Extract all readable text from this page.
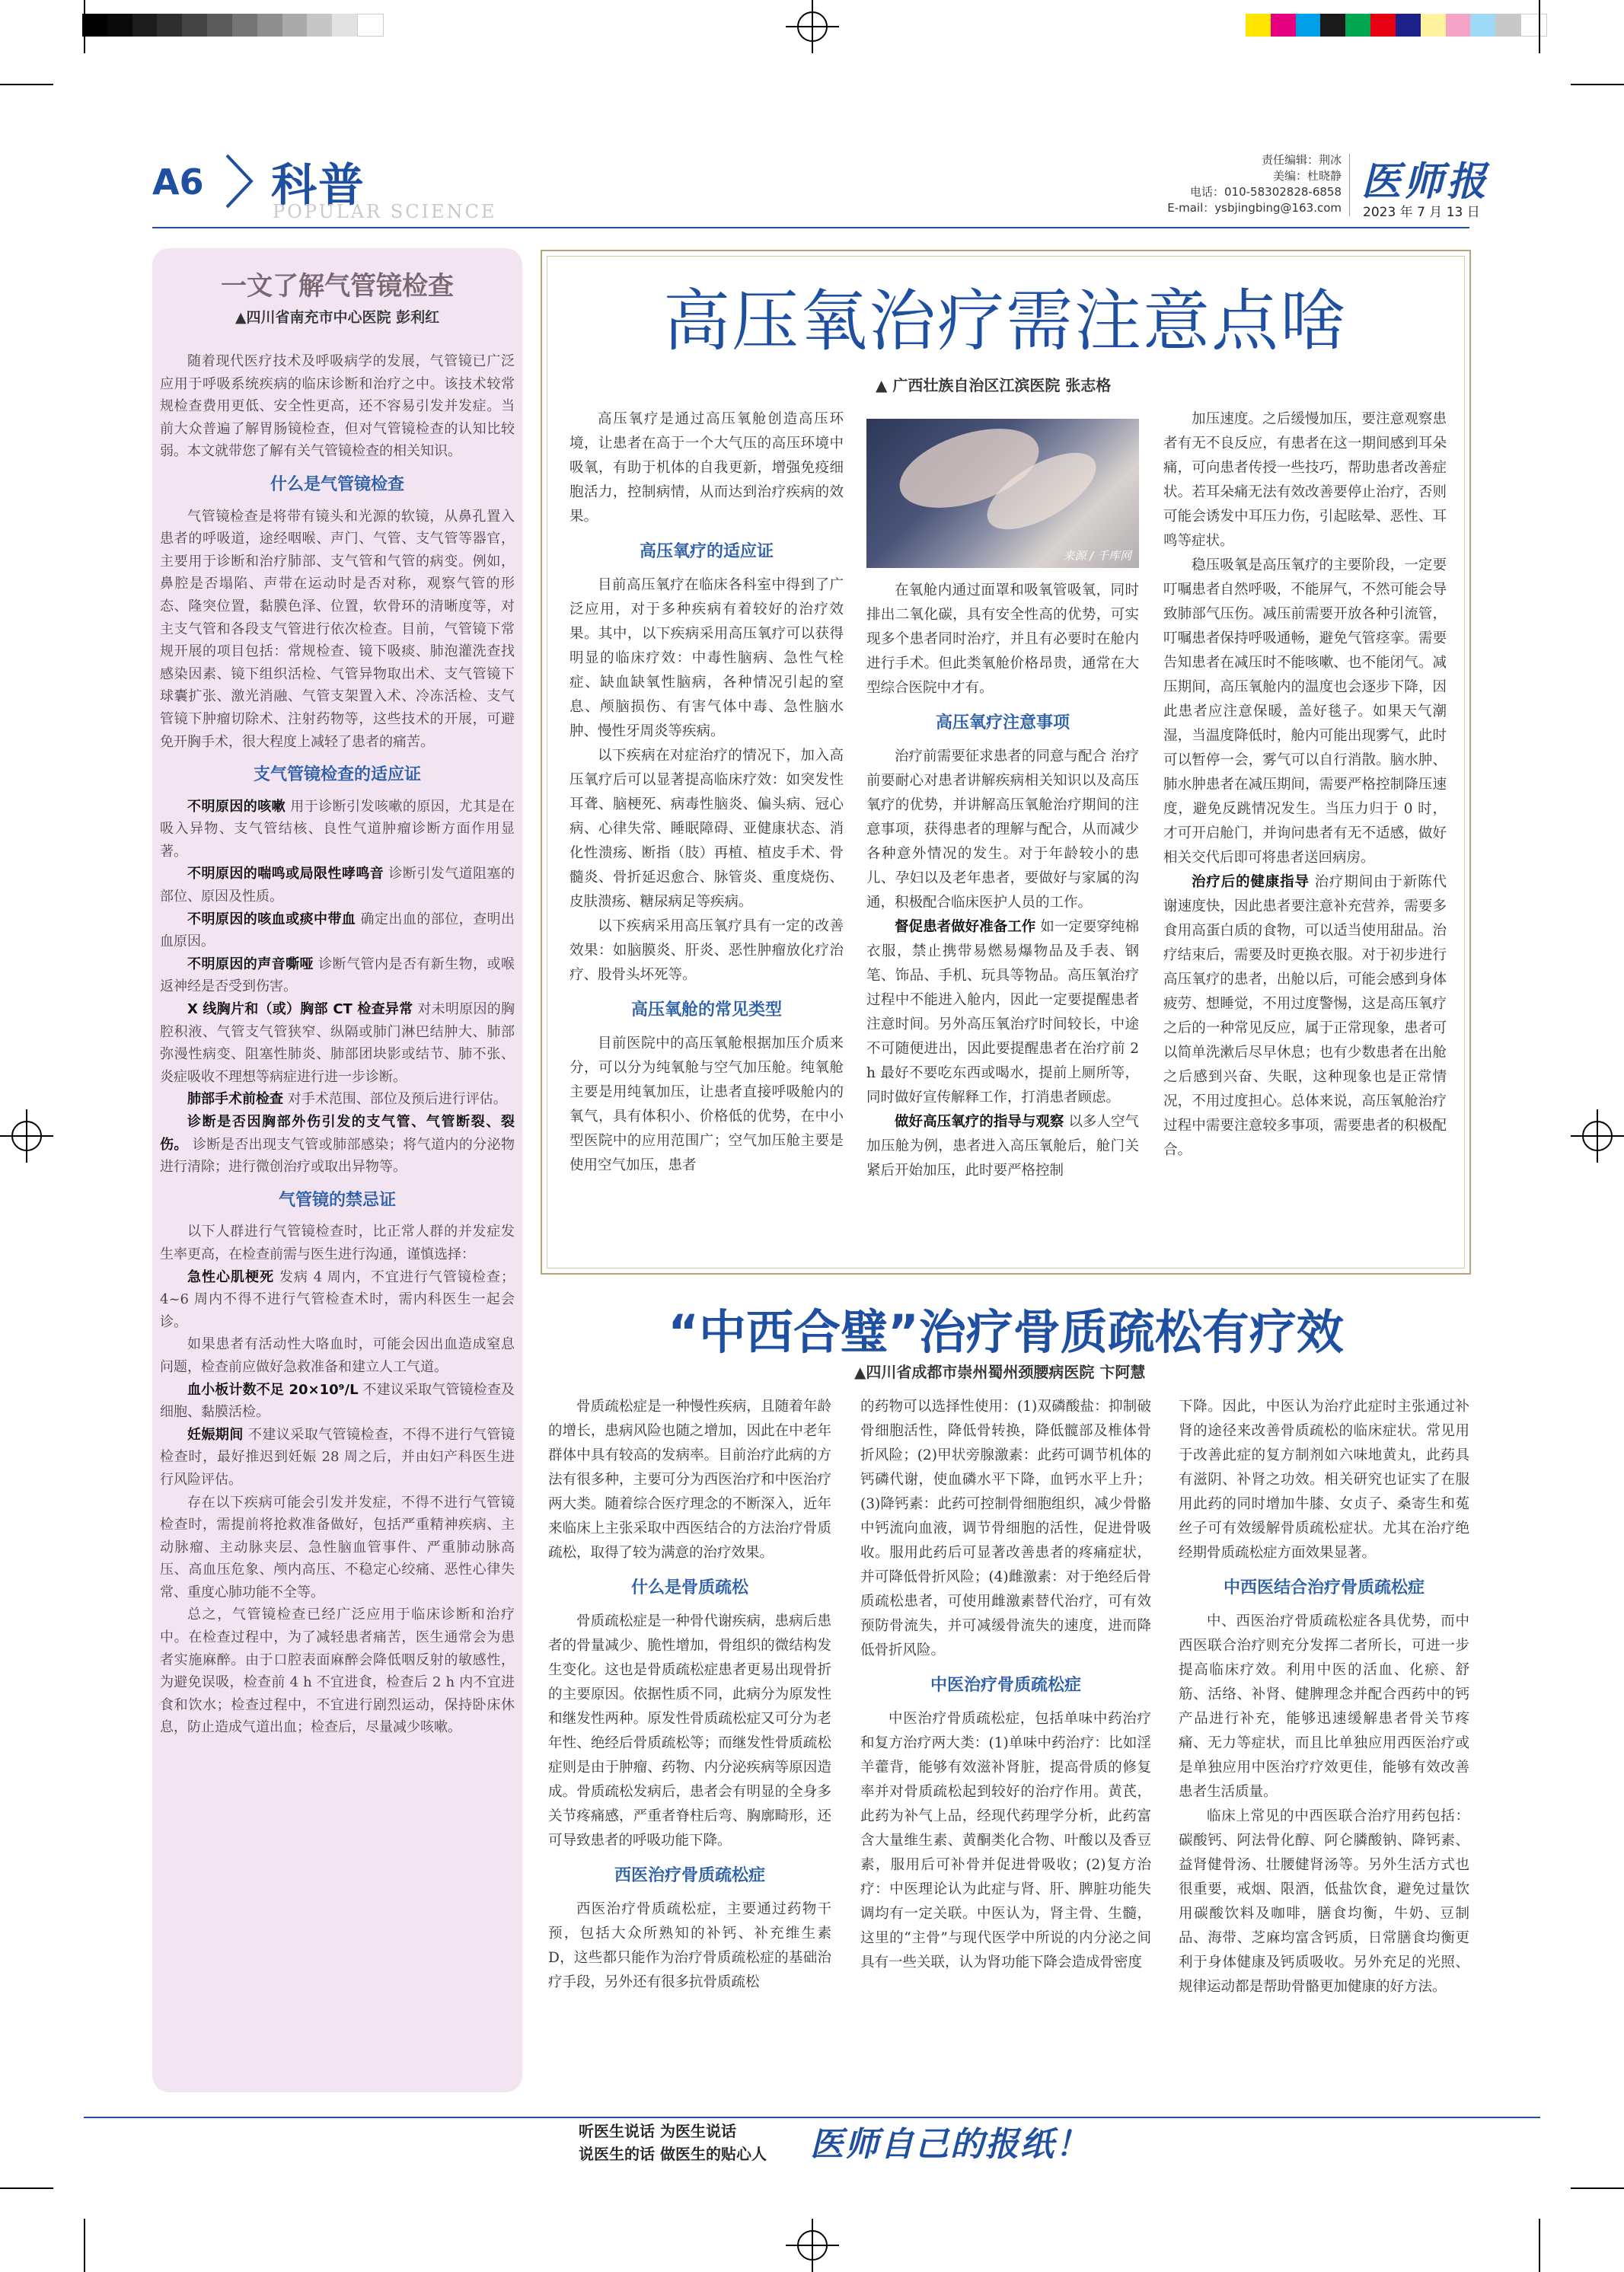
A6 科普
POPULAR SCIENCE
责任编辑：荆冰
美编：杜晓静
电话：010-58302828-6858
E-mail：ysbjingbing@163.com
医师报
2023 年 7 月 13 日
一文了解气管镜检查
▲四川省南充市中心医院 彭利红

随着现代医疗技术及呼吸病学的发展，气管镜已广泛应用于呼吸系统疾病的临床诊断和治疗之中。该技术较常规检查费用更低、安全性更高，还不容易引发并发症。当前大众普遍了解胃肠镜检查，但对气管镜检查的认知比较弱。本文就带您了解有关气管镜检查的相关知识。

什么是气管镜检查

气管镜检查是将带有镜头和光源的软镜，从鼻孔置入患者的呼吸道，途经咽喉、声门、气管、支气管等器官，主要用于诊断和治疗肺部、支气管和气管的病变。例如，鼻腔是否塌陷、声带在运动时是否对称，观察气管的形态、隆突位置，黏膜色泽、位置，软骨环的清晰度等，对主支气管和各段支气管进行依次检查。目前，气管镜下常规开展的项目包括：常规检查、镜下吸痰、肺泡灌洗查找感染因素、镜下组织活检、气管异物取出术、支气管镜下球囊扩张、激光消融、气管支架置入术、冷冻活检、支气管镜下肿瘤切除术、注射药物等，这些技术的开展，可避免开胸手术，很大程度上减轻了患者的痛苦。

支气管镜检查的适应证

不明原因的咳嗽 用于诊断引发咳嗽的原因，尤其是在吸入异物、支气管结核、良性气道肿瘤诊断方面作用显著。

不明原因的喘鸣或局限性哮鸣音 诊断引发气道阻塞的部位、原因及性质。

不明原因的咳血或痰中带血 确定出血的部位，查明出血原因。

不明原因的声音嘶哑 诊断气管内是否有新生物，或喉返神经是否受到伤害。

X 线胸片和（或）胸部 CT 检查异常 对未明原因的胸腔积液、气管支气管狭窄、纵隔或肺门淋巴结肿大、肺部弥漫性病变、阻塞性肺炎、肺部团块影或结节、肺不张、炎症吸收不理想等病症进行进一步诊断。

肺部手术前检查 对手术范围、部位及预后进行评估。

诊断是否因胸部外伤引发的支气管、气管断裂、裂伤。 诊断是否出现支气管或肺部感染；将气道内的分泌物进行清除；进行微创治疗或取出异物等。

气管镜的禁忌证

以下人群进行气管镜检查时，比正常人群的并发症发生率更高，在检查前需与医生进行沟通，谨慎选择：

急性心肌梗死 发病 4 周内，不宜进行气管镜检查；4~6 周内不得不进行气管检查术时，需内科医生一起会诊。

如果患者有活动性大咯血时，可能会因出血造成窒息问题，检查前应做好急救准备和建立人工气道。

血小板计数不足 20×10⁹/L 不建议采取气管镜检查及细胞、黏膜活检。

妊娠期间 不建议采取气管镜检查，不得不进行气管镜检查时，最好推迟到妊娠 28 周之后，并由妇产科医生进行风险评估。

存在以下疾病可能会引发并发症，不得不进行气管镜检查时，需提前将抢救准备做好，包括严重精神疾病、主动脉瘤、主动脉夹层、急性脑血管事件、严重肺动脉高压、高血压危象、颅内高压、不稳定心绞痛、恶性心律失常、重度心肺功能不全等。

总之，气管镜检查已经广泛应用于临床诊断和治疗中。在检查过程中，为了减轻患者痛苦，医生通常会为患者实施麻醉。由于口腔表面麻醉会降低咽反射的敏感性，为避免误吸，检查前 4 h 不宜进食，检查后 2 h 内不宜进食和饮水；检查过程中，不宜进行剧烈运动，保持卧床休息，防止造成气道出血；检查后，尽量减少咳嗽。

高压氧治疗需注意点啥
▲ 广西壮族自治区江滨医院 张志格

高压氧疗是通过高压氧舱创造高压环境，让患者在高于一个大气压的高压环境中吸氧，有助于机体的自我更新，增强免疫细胞活力，控制病情，从而达到治疗疾病的效果。

高压氧疗的适应证

目前高压氧疗在临床各科室中得到了广泛应用，对于多种疾病有着较好的治疗效果。其中，以下疾病采用高压氧疗可以获得明显的临床疗效：中毒性脑病、急性气栓症、缺血缺氧性脑病，各种情况引起的窒息、颅脑损伤、有害气体中毒、急性脑水肿、慢性牙周炎等疾病。

以下疾病在对症治疗的情况下，加入高压氧疗后可以显著提高临床疗效：如突发性耳聋、脑梗死、病毒性脑炎、偏头病、冠心病、心律失常、睡眠障碍、亚健康状态、消化性溃疡、断指（肢）再植、植皮手术、骨髓炎、骨折延迟愈合、脉管炎、重度烧伤、皮肤溃疡、糖尿病足等疾病。

以下疾病采用高压氧疗具有一定的改善效果：如脑膜炎、肝炎、恶性肿瘤放化疗治疗、股骨头坏死等。

高压氧舱的常见类型

目前医院中的高压氧舱根据加压介质来分，可以分为纯氧舱与空气加压舱。纯氧舱主要是用纯氧加压，让患者直接呼吸舱内的氧气，具有体积小、价格低的优势，在中小型医院中的应用范围广；空气加压舱主要是使用空气加压，患者

来源 / 千库网

在氧舱内通过面罩和吸氧管吸氧，同时排出二氧化碳，具有安全性高的优势，可实现多个患者同时治疗，并且有必要时在舱内进行手术。但此类氧舱价格昂贵，通常在大型综合医院中才有。

高压氧疗注意事项

治疗前需要征求患者的同意与配合 治疗前要耐心对患者讲解疾病相关知识以及高压氧疗的优势，并讲解高压氧舱治疗期间的注意事项，获得患者的理解与配合，从而减少各种意外情况的发生。对于年龄较小的患儿、孕妇以及老年患者，要做好与家属的沟通，积极配合临床医护人员的工作。

督促患者做好准备工作 如一定要穿纯棉衣服，禁止携带易燃易爆物品及手表、钢笔、饰品、手机、玩具等物品。高压氧治疗过程中不能进入舱内，因此一定要提醒患者注意时间。另外高压氧治疗时间较长，中途不可随便进出，因此要提醒患者在治疗前 2 h 最好不要吃东西或喝水，提前上厕所等，同时做好宣传解释工作，打消患者顾虑。

做好高压氧疗的指导与观察 以多人空气加压舱为例，患者进入高压氧舱后，舱门关紧后开始加压，此时要严格控制

加压速度。之后缓慢加压，要注意观察患者有无不良反应，有患者在这一期间感到耳朵痛，可向患者传授一些技巧，帮助患者改善症状。若耳朵痛无法有效改善要停止治疗，否则可能会诱发中耳压力伤，引起眩晕、恶性、耳鸣等症状。

稳压吸氧是高压氧疗的主要阶段，一定要叮嘱患者自然呼吸，不能屏气，不然可能会导致肺部气压伤。减压前需要开放各种引流管，叮嘱患者保持呼吸通畅，避免气管痉挛。需要告知患者在减压时不能咳嗽、也不能闭气。减压期间，高压氧舱内的温度也会逐步下降，因此患者应注意保暖，盖好毯子。如果天气潮湿，当温度降低时，舱内可能出现雾气，此时可以暂停一会，雾气可以自行消散。脑水肿、肺水肿患者在减压期间，需要严格控制降压速度，避免反跳情况发生。当压力归于 0 时，才可开启舱门，并询问患者有无不适感，做好相关交代后即可将患者送回病房。

治疗后的健康指导 治疗期间由于新陈代谢速度快，因此患者要注意补充营养，需要多食用高蛋白质的食物，可以适当使用甜品。治疗结束后，需要及时更换衣服。对于初步进行高压氧疗的患者，出舱以后，可能会感到身体疲劳、想睡觉，不用过度警惕，这是高压氧疗之后的一种常见反应，属于正常现象，患者可以简单洗漱后尽早休息；也有少数患者在出舱之后感到兴奋、失眠，这种现象也是正常情况，不用过度担心。总体来说，高压氧舱治疗过程中需要注意较多事项，需要患者的积极配合。

“中西合璧”治疗骨质疏松有疗效
▲四川省成都市崇州蜀州颈腰病医院 卞阿慧

骨质疏松症是一种慢性疾病，且随着年龄的增长，患病风险也随之增加，因此在中老年群体中具有较高的发病率。目前治疗此病的方法有很多种，主要可分为西医治疗和中医治疗两大类。随着综合医疗理念的不断深入，近年来临床上主张采取中西医结合的方法治疗骨质疏松，取得了较为满意的治疗效果。

什么是骨质疏松

骨质疏松症是一种骨代谢疾病，患病后患者的骨量减少、脆性增加，骨组织的微结构发生变化。这也是骨质疏松症患者更易出现骨折的主要原因。依据性质不同，此病分为原发性和继发性两种。原发性骨质疏松症又可分为老年性、绝经后骨质疏松等；而继发性骨质疏松症则是由于肿瘤、药物、内分泌疾病等原因造成。骨质疏松发病后，患者会有明显的全身多关节疼痛感，严重者脊柱后弯、胸廓畸形，还可导致患者的呼吸功能下降。

西医治疗骨质疏松症

西医治疗骨质疏松症，主要通过药物干预，包括大众所熟知的补钙、补充维生素 D，这些都只能作为治疗骨质疏松症的基础治疗手段，另外还有很多抗骨质疏松

的药物可以选择性使用：(1)双磷酸盐：抑制破骨细胞活性，降低骨转换，降低髋部及椎体骨折风险；(2)甲状旁腺激素：此药可调节机体的钙磷代谢，使血磷水平下降，血钙水平上升；(3)降钙素：此药可控制骨细胞组织，减少骨骼中钙流向血液，调节骨细胞的活性，促进骨吸收。服用此药后可显著改善患者的疼痛症状，并可降低骨折风险；(4)雌激素：对于绝经后骨质疏松患者，可使用雌激素替代治疗，可有效预防骨流失，并可减缓骨流失的速度，进而降低骨折风险。

中医治疗骨质疏松症

中医治疗骨质疏松症，包括单味中药治疗和复方治疗两大类：(1)单味中药治疗：比如淫羊藿背，能够有效滋补肾脏，提高骨质的修复率并对骨质疏松起到较好的治疗作用。黄芪，此药为补气上品，经现代药理学分析，此药富含大量维生素、黄酮类化合物、叶酸以及香豆素，服用后可补骨并促进骨吸收；(2)复方治疗：中医理论认为此症与肾、肝、脾脏功能失调均有一定关联。中医认为，肾主骨、生髓，这里的“主骨”与现代医学中所说的内分泌之间具有一些关联，认为肾功能下降会造成骨密度

下降。因此，中医认为治疗此症时主张通过补肾的途径来改善骨质疏松的临床症状。常见用于改善此症的复方制剂如六味地黄丸，此药具有滋阴、补肾之功效。相关研究也证实了在服用此药的同时增加牛膝、女贞子、桑寄生和菟丝子可有效缓解骨质疏松症状。尤其在治疗绝经期骨质疏松症方面效果显著。

中西医结合治疗骨质疏松症

中、西医治疗骨质疏松症各具优势，而中西医联合治疗则充分发挥二者所长，可进一步提高临床疗效。利用中医的活血、化瘀、舒筋、活络、补肾、健脾理念并配合西药中的钙产品进行补充，能够迅速缓解患者骨关节疼痛、无力等症状，而且比单独应用西医治疗或是单独应用中医治疗疗效更佳，能够有效改善患者生活质量。

临床上常见的中西医联合治疗用药包括：碳酸钙、阿法骨化醇、阿仑膦酸钠、降钙素、益肾健骨汤、壮腰健肾汤等。另外生活方式也很重要，戒烟、限酒，低盐饮食，避免过量饮用碳酸饮料及咖啡，膳食均衡，牛奶、豆制品、海带、芝麻均富含钙质，日常膳食均衡更利于身体健康及钙质吸收。另外充足的光照、规律运动都是帮助骨骼更加健康的好方法。

听医生说话 为医生说话
说医生的话 做医生的贴心人 医师自己的报纸！
